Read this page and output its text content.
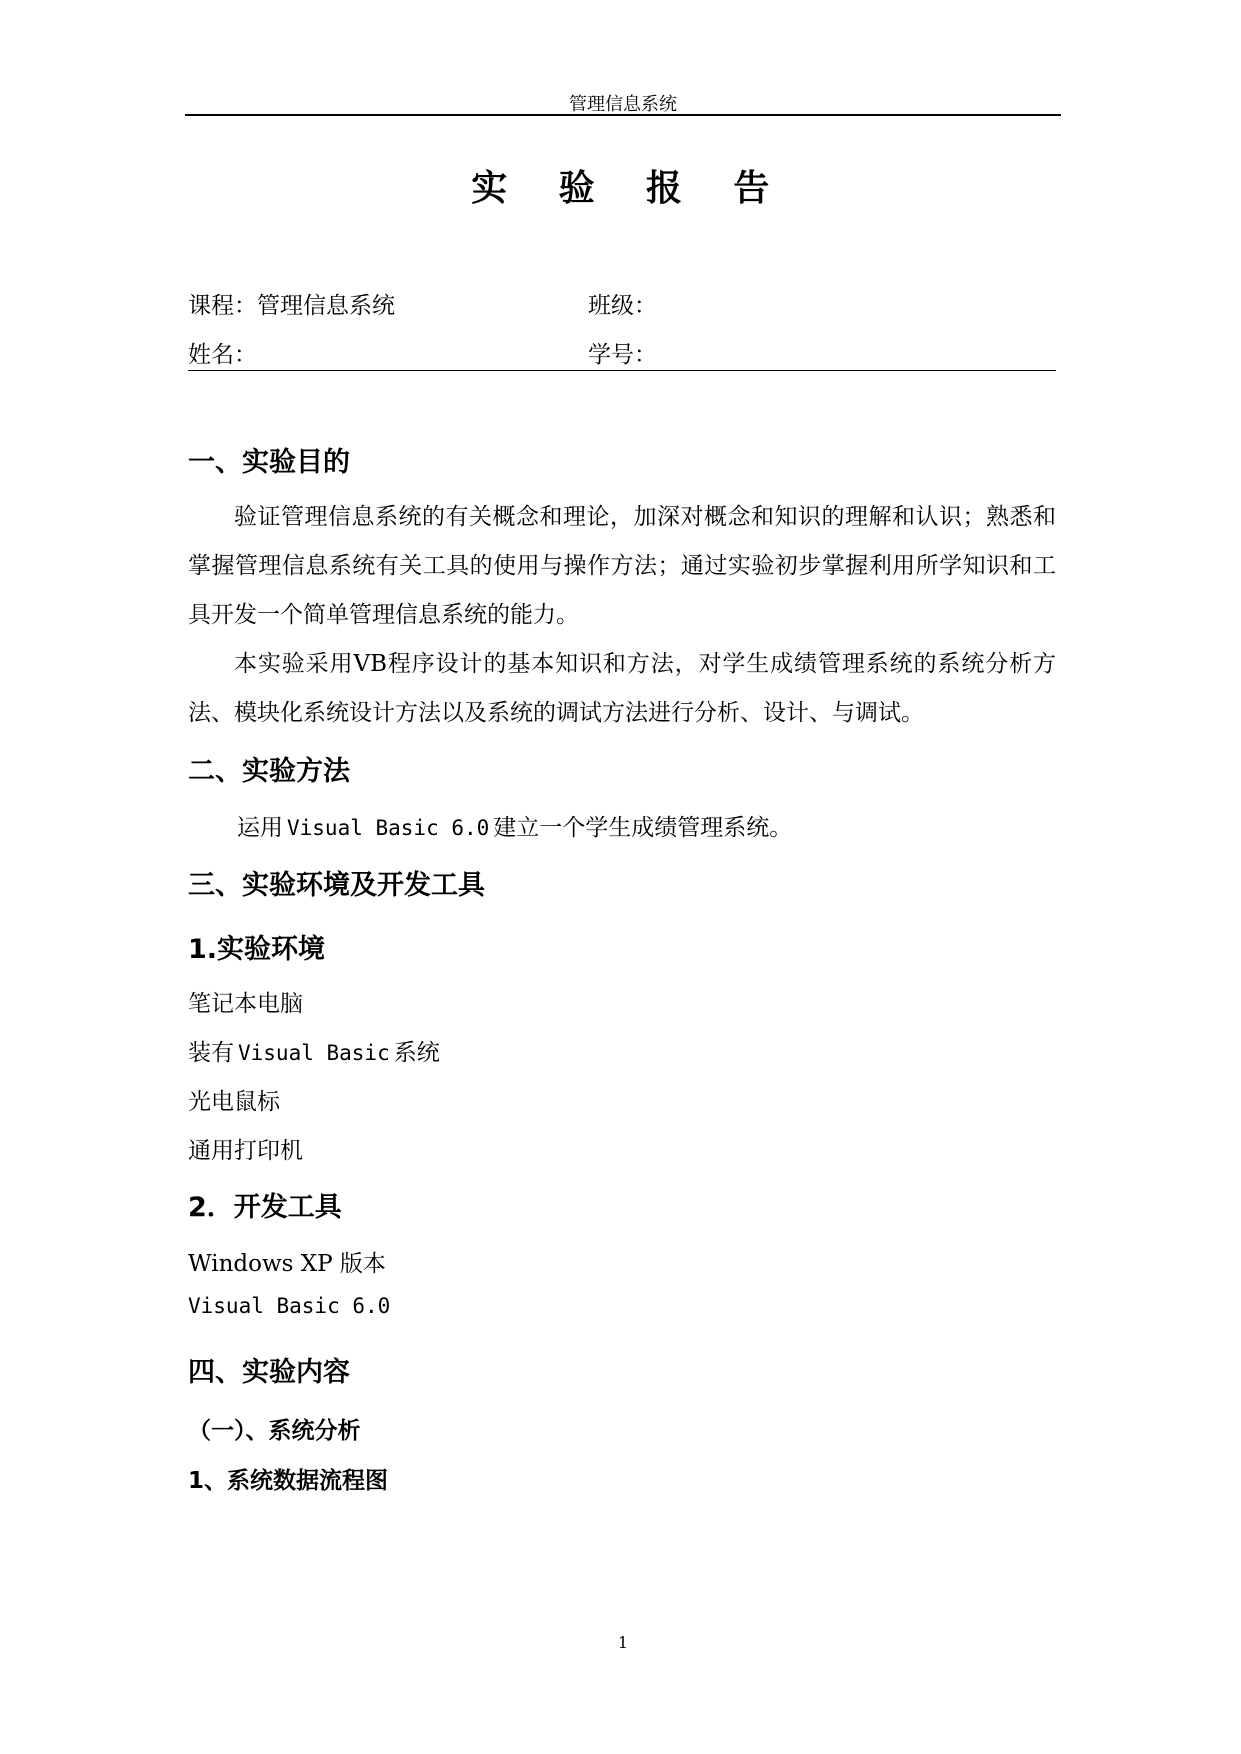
管理信息系统
实 验 报 告
课程：管理信息系统	班级：
姓名：	学号：
一、实验目的
验证管理信息系统的有关概念和理论，加深对概念和知识的理解和认识；熟悉和掌握管理信息系统有关工具的使用与操作方法；通过实验初步掌握利用所学知识和工具开发一个简单管理信息系统的能力。
本实验采用VB程序设计的基本知识和方法，对学生成绩管理系统的系统分析方法、模块化系统设计方法以及系统的调试方法进行分析、设计、与调试。
二、实验方法
运用 Visual Basic 6.0 建立一个学生成绩管理系统。
三、实验环境及开发工具
1.实验环境
笔记本电脑
装有 Visual Basic 系统
光电鼠标
通用打印机
2．开发工具
Windows XP 版本
Visual Basic 6.0
四、实验内容
（一）、系统分析
1、系统数据流程图
1
